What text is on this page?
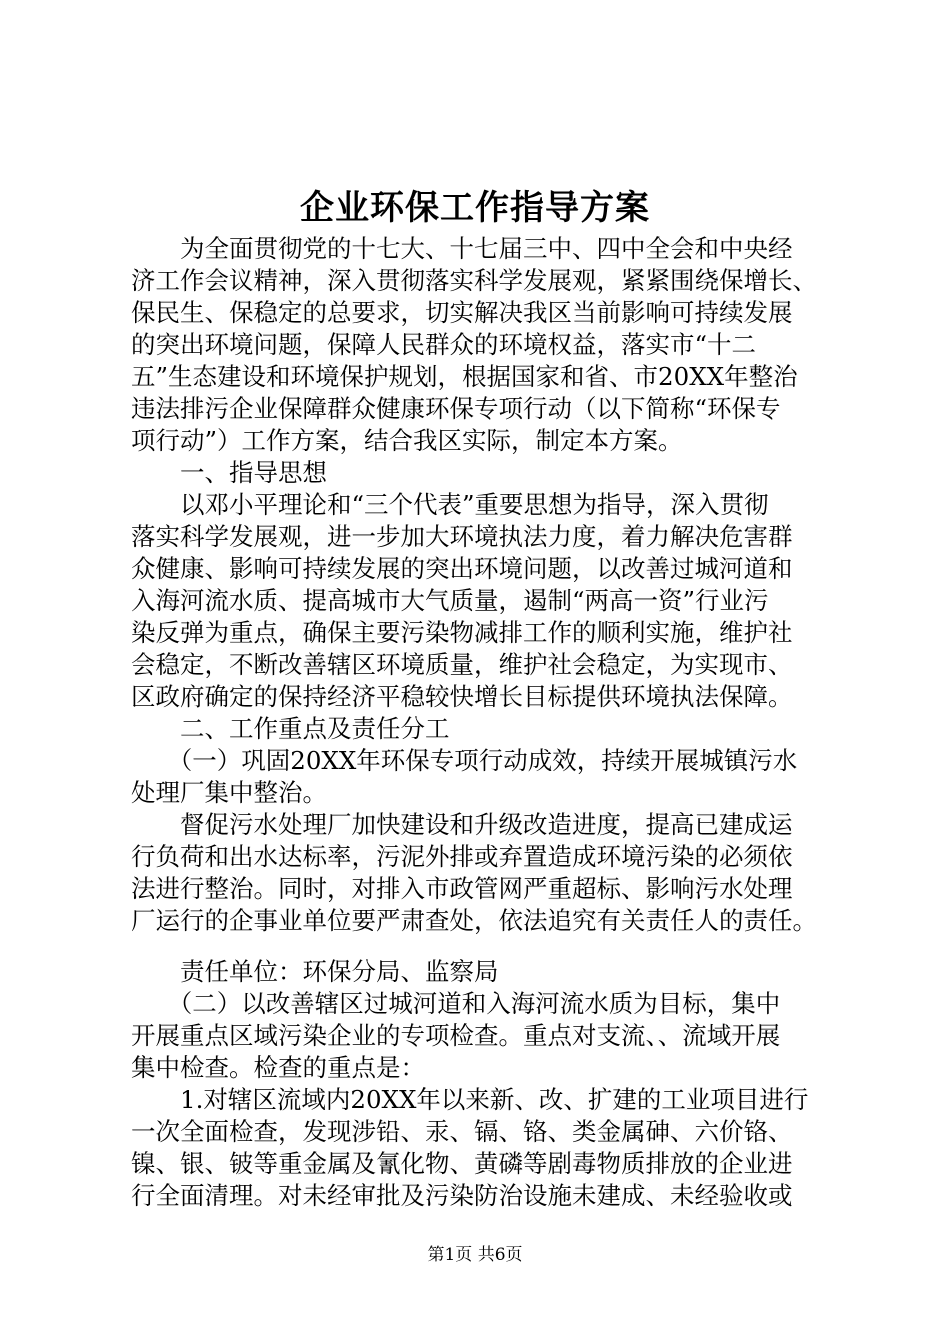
企业环保工作指导方案
　　为全面贯彻党的十七大、十七届三中、四中全会和中央经
济工作会议精神，深入贯彻落实科学发展观，紧紧围绕保增长、
保民生、保稳定的总要求，切实解决我区当前影响可持续发展
的突出环境问题，保障人民群众的环境权益，落实市“十二
五”生态建设和环境保护规划，根据国家和省、市20XX年整治
违法排污企业保障群众健康环保专项行动（以下简称“环保专
项行动”）工作方案，结合我区实际，制定本方案。
　　一、指导思想
　　以邓小平理论和“三个代表”重要思想为指导，深入贯彻
落实科学发展观，进一步加大环境执法力度，着力解决危害群
众健康、影响可持续发展的突出环境问题，以改善过城河道和
入海河流水质、提高城市大气质量，遏制“两高一资”行业污
染反弹为重点，确保主要污染物减排工作的顺利实施，维护社
会稳定，不断改善辖区环境质量，维护社会稳定，为实现市、
区政府确定的保持经济平稳较快增长目标提供环境执法保障。
　　二、工作重点及责任分工
　　（一）巩固20XX年环保专项行动成效，持续开展城镇污水
处理厂集中整治。
　　督促污水处理厂加快建设和升级改造进度，提高已建成运
行负荷和出水达标率，污泥外排或弃置造成环境污染的必须依
法进行整治。同时，对排入市政管网严重超标、影响污水处理
厂运行的企事业单位要严肃查处，依法追究有关责任人的责任。
　　责任单位：环保分局、监察局
　　（二）以改善辖区过城河道和入海河流水质为目标，集中
开展重点区域污染企业的专项检查。重点对支流、、流域开展
集中检查。检查的重点是：
　　1.对辖区流域内20XX年以来新、改、扩建的工业项目进行
一次全面检查，发现涉铅、汞、镉、铬、类金属砷、六价铬、
镍、银、铍等重金属及氰化物、黄磷等剧毒物质排放的企业进
行全面清理。对未经审批及污染防治设施未建成、未经验收或
第1页 共6页
